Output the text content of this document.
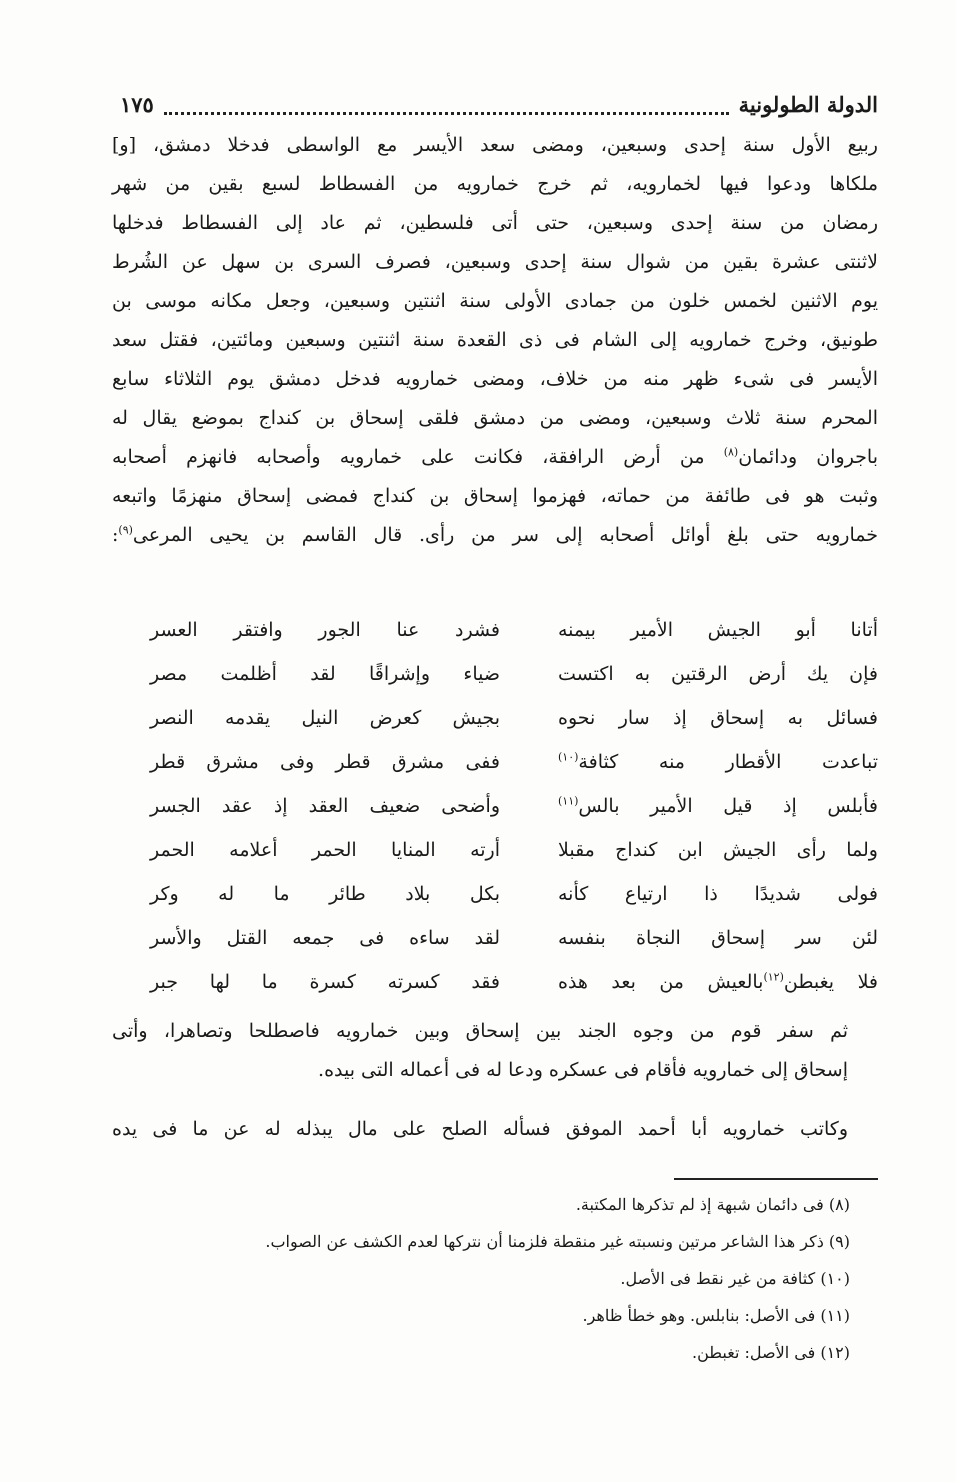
الدولة الطولونية
١٧٥
ربيع الأول سنة إحدى وسبعين، ومضى سعد الأيسر مع الواسطى فدخلا دمشق، [و]
ملكاها ودعوا فيها لخمارويه، ثم خرج خمارويه من الفسطاط لسبع بقين من شهر
رمضان من سنة إحدى وسبعين، حتى أتى فلسطين، ثم عاد إلى الفسطاط فدخلها
لاثنتى عشرة بقين من شوال سنة إحدى وسبعين، فصرف السرى بن سهل عن الشُرط
يوم الاثنين لخمس خلون من جمادى الأولى سنة اثنتين وسبعين، وجعل مكانه موسى بن
طونيق، وخرج خمارويه إلى الشام فى ذى القعدة سنة اثنتين وسبعين ومائتين، فقتل سعد
الأيسر فى شىء ظهر منه من خلاف، ومضى خمارويه فدخل دمشق يوم الثلاثاء سابع
المحرم سنة ثلاث وسبعين، ومضى من دمشق فلقى إسحاق بن كنداج بموضع يقال له
باجروان ودائمان$^{(٨)}$ من أرض الرافقة، فكانت على خمارويه وأصحابه فانهزم أصحابه
وثبت هو فى طائفة من حماته، فهزموا إسحاق بن كنداج فمضى إسحاق منهزمًا واتبعه
خمارويه حتى بلغ أوائل أصحابه إلى سر من رأى. قال القاسم بن يحيى المرعى$^{(٩)}$:
أتانا أبو الجيش الأمير بيمنه
فشرد عنا الجور وافتقر العسر
فإن يك أرض الرقتين به اكتست
ضياء وإشراقًا لقد أظلمت مصر
فسائل به إسحاق إذ سار نحوه
بجيش كعرض النيل يقدمه النصر
تباعدت الأقطار منه كثافة$^{(١٠)}$
ففى مشرق قطر وفى مشرق قطر
فأبلس إذ قيل الأمير بالس$^{(١١)}$
وأضحى ضعيف العقد إذ عقد الجسر
ولما رأى الجيش ابن كنداج مقبلا
أرته المنايا الحمر أعلامه الحمر
فولى شديدًا ذا ارتياع كأنه
بكل بلاد طائر ما له وكر
لئن سر إسحاق النجاة بنفسه
لقد ساءه فى جمعه القتل والأسر
فلا يغبطن$^{(١٢)}$بالعيش من بعد هذه
فقد كسرته كسرة ما لها جبر
ثم سفر قوم من وجوه الجند بين إسحاق وبين خمارويه فاصطلحا وتصاهرا، وأتى
إسحاق إلى خمارويه فأقام فى عسكره ودعا له فى أعماله التى بيده.
وكاتب خمارويه أبا أحمد الموفق فسأله الصلح على مال يبذله له عن ما فى يده
(٨) فى دائمان شبهة إذ لم تذكرها المكتبة.
(٩) ذكر هذا الشاعر مرتين ونسبته غير منقطة فلزمنا أن نتركها لعدم الكشف عن الصواب.
(١٠) كثافة من غير نقط فى الأصل.
(١١) فى الأصل: بنابلس. وهو خطأ ظاهر.
(١٢) فى الأصل: تغبطن.
